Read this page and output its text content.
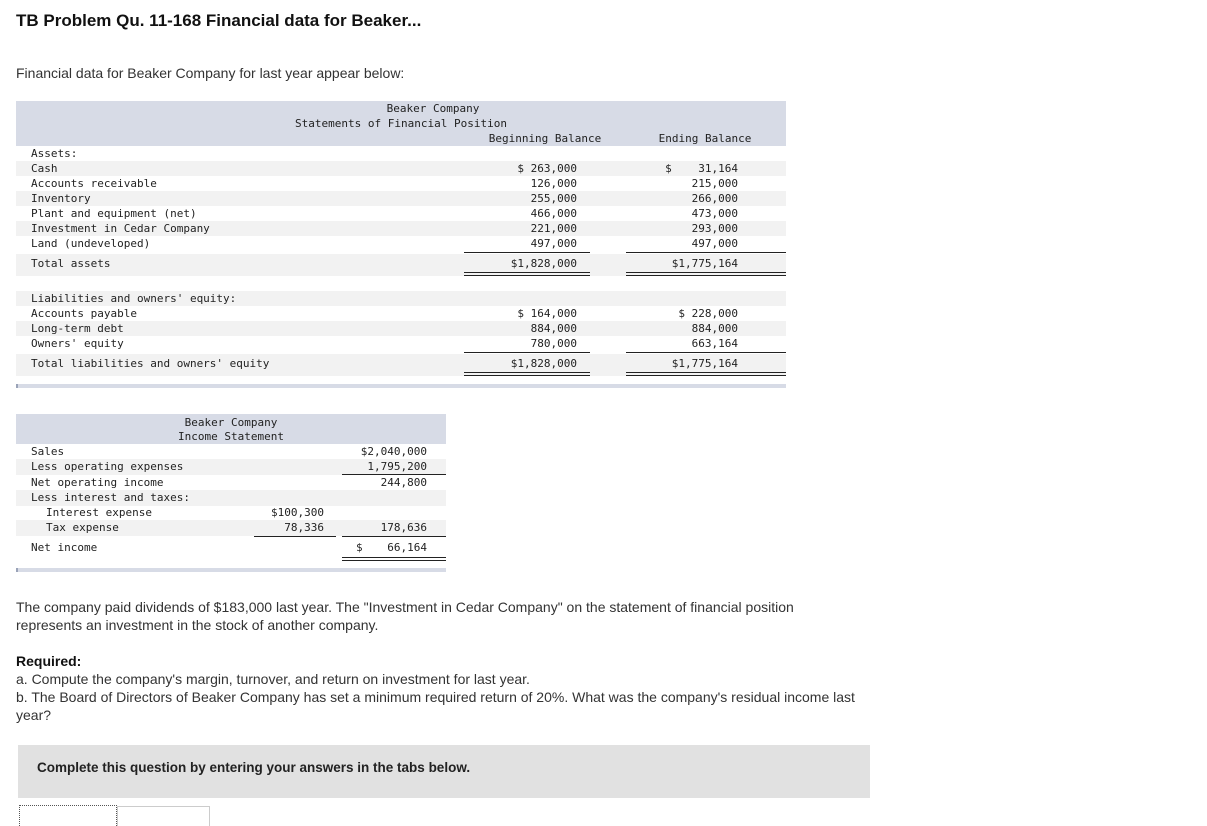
TB Problem Qu. 11-168 Financial data for Beaker...
Financial data for Beaker Company for last year appear below:
Beaker Company
Statements of Financial Position
Beginning Balance	Ending Balance
Assets:
Cash	$ 263,000	$    31,164
Accounts receivable	126,000	215,000
Inventory	255,000	266,000
Plant and equipment (net)	466,000	473,000
Investment in Cedar Company	221,000	293,000
Land (undeveloped)	497,000	497,000
Total assets	$1,828,000	$1,775,164
Liabilities and owners' equity:
Accounts payable	$ 164,000	$ 228,000
Long-term debt	884,000	884,000
Owners' equity	780,000	663,164
Total liabilities and owners' equity	$1,828,000	$1,775,164
Beaker Company
Income Statement
Sales	$2,040,000
Less operating expenses	1,795,200
Net operating income	244,800
Less interest and taxes:
Interest expense	$100,300
Tax expense	78,336	178,636
Net income	$	66,164
The company paid dividends of $183,000 last year. The "Investment in Cedar Company" on the statement of financial position
represents an investment in the stock of another company.
Required:
a. Compute the company's margin, turnover, and return on investment for last year.
b. The Board of Directors of Beaker Company has set a minimum required return of 20%. What was the company's residual income last
year?
Complete this question by entering your answers in the tabs below.
